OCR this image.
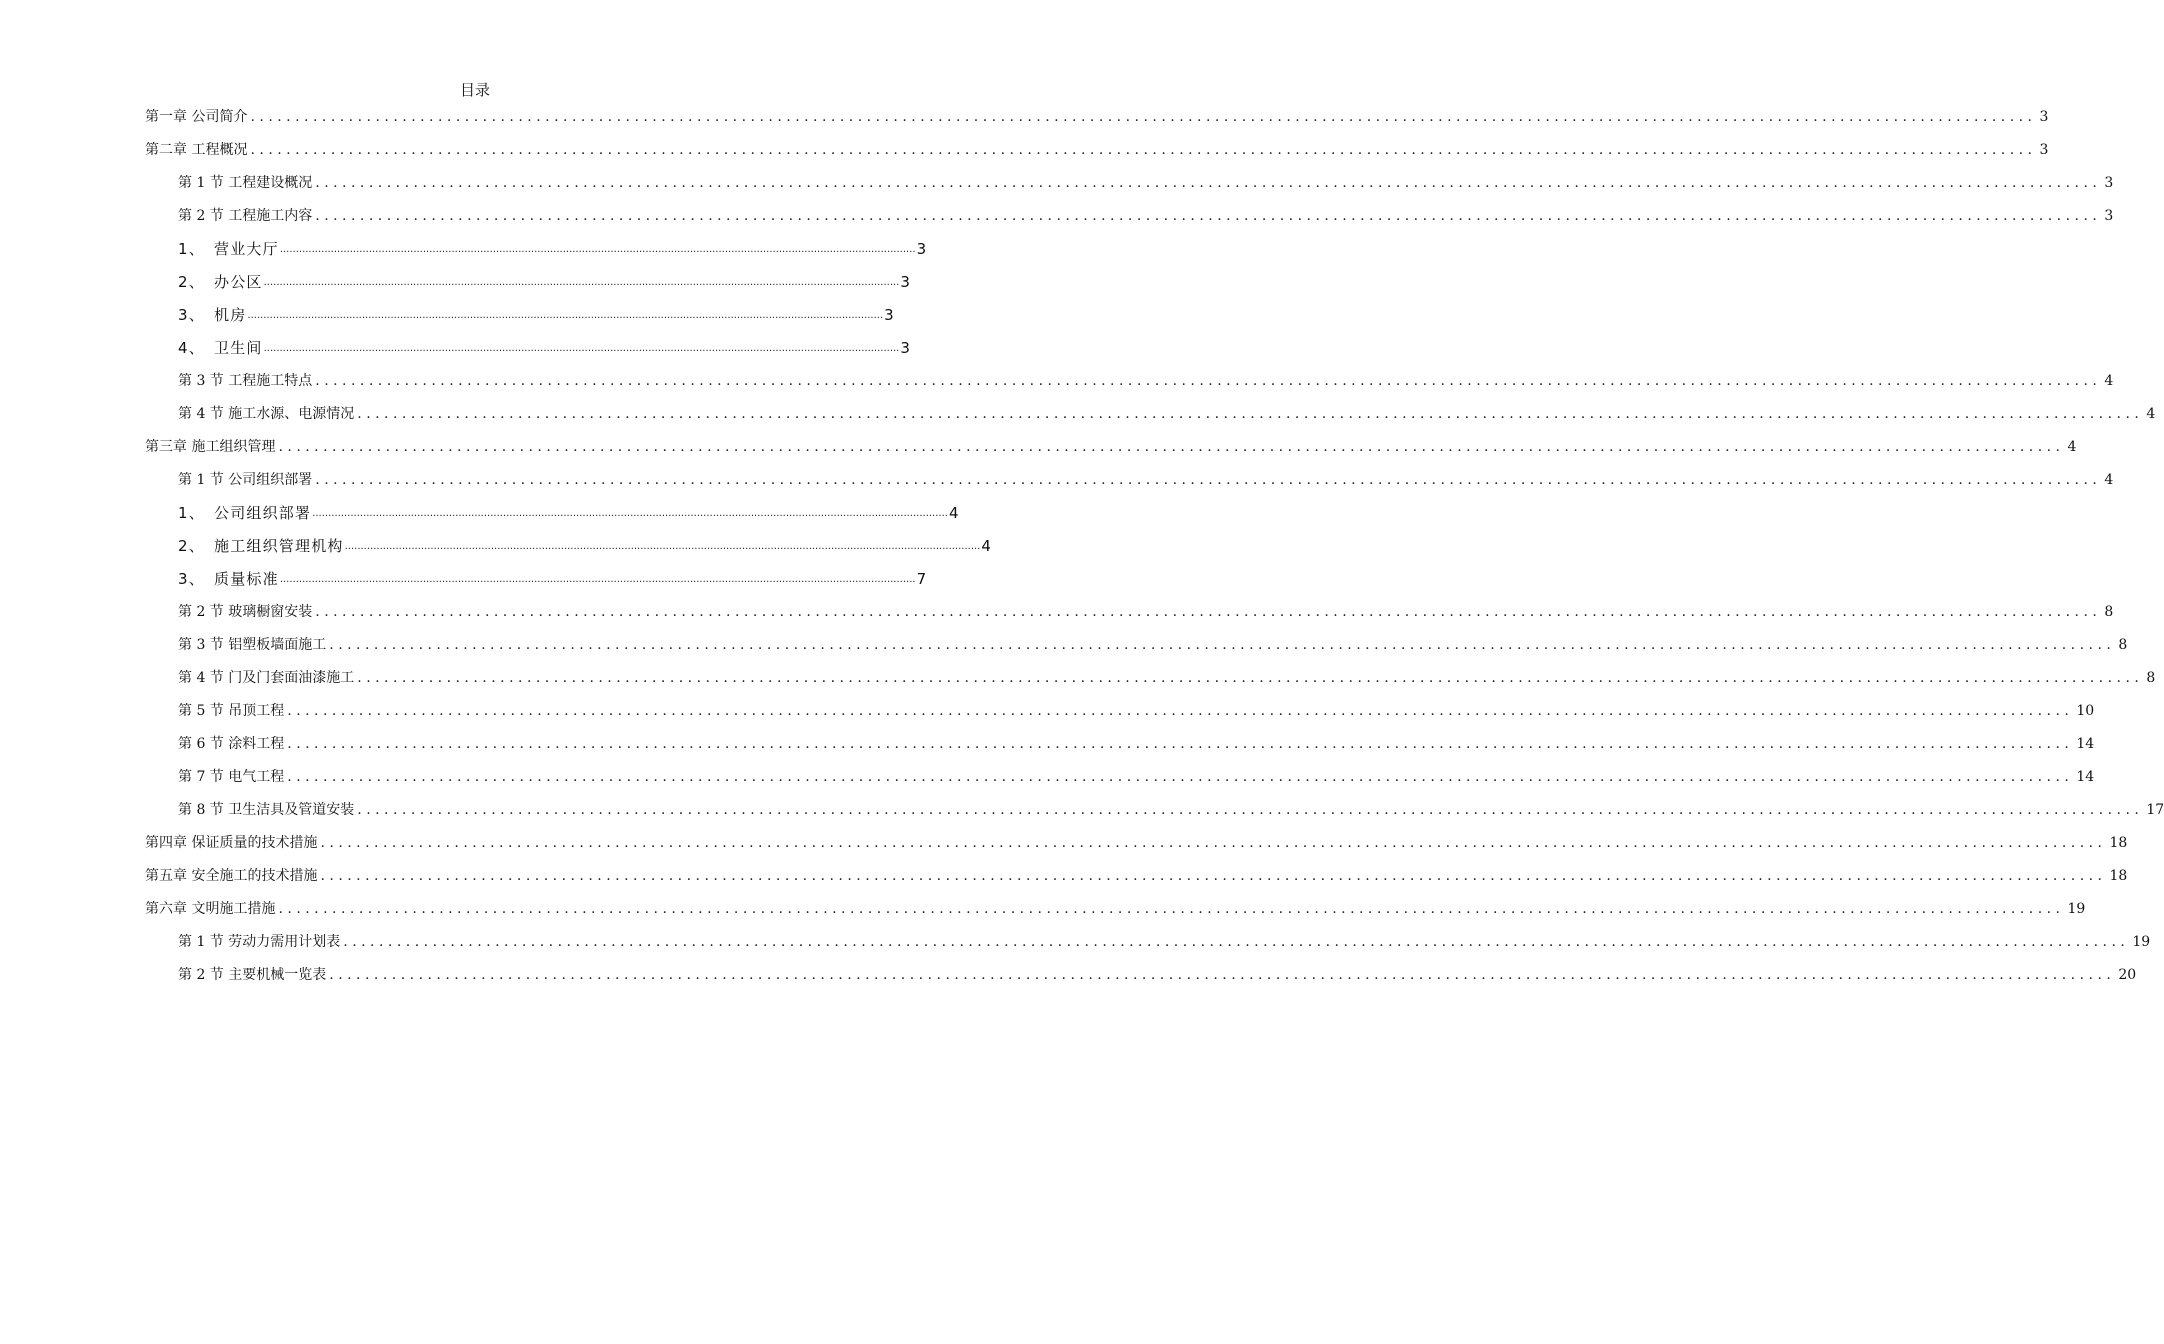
目录
第一章 公司简介 ........................................................................................................................................................................................................ 3
第二章 工程概况 ........................................................................................................................................................................................................ 3
第 1 节 工程建设概况 ........................................................................................................................................................................................................ 3
第 2 节 工程施工内容 ........................................................................................................................................................................................................ 3
1、 营业大厅 ........................................................................................................................................................................................................ 3
2、 办公区 ........................................................................................................................................................................................................ 3
3、 机房 ........................................................................................................................................................................................................ 3
4、 卫生间 ........................................................................................................................................................................................................ 3
第 3 节 工程施工特点 ........................................................................................................................................................................................................ 4
第 4 节 施工水源、电源情况 ........................................................................................................................................................................................................ 4
第三章 施工组织管理 ........................................................................................................................................................................................................ 4
第 1 节 公司组织部署 ........................................................................................................................................................................................................ 4
1、 公司组织部署 ........................................................................................................................................................................................................ 4
2、 施工组织管理机构 ........................................................................................................................................................................................................ 4
3、 质量标准 ........................................................................................................................................................................................................ 7
第 2 节 玻璃橱窗安装 ........................................................................................................................................................................................................ 8
第 3 节 铝塑板墙面施工 ........................................................................................................................................................................................................ 8
第 4 节 门及门套面油漆施工 ........................................................................................................................................................................................................ 8
第 5 节 吊顶工程 ........................................................................................................................................................................................................ 10
第 6 节 涂料工程 ........................................................................................................................................................................................................ 14
第 7 节 电气工程 ........................................................................................................................................................................................................ 14
第 8 节 卫生洁具及管道安装 ........................................................................................................................................................................................................ 17
第四章 保证质量的技术措施 ........................................................................................................................................................................................................ 18
第五章 安全施工的技术措施 ........................................................................................................................................................................................................ 18
第六章 文明施工措施 ........................................................................................................................................................................................................ 19
第 1 节 劳动力需用计划表 ........................................................................................................................................................................................................ 19
第 2 节 主要机械一览表 ........................................................................................................................................................................................................ 20
